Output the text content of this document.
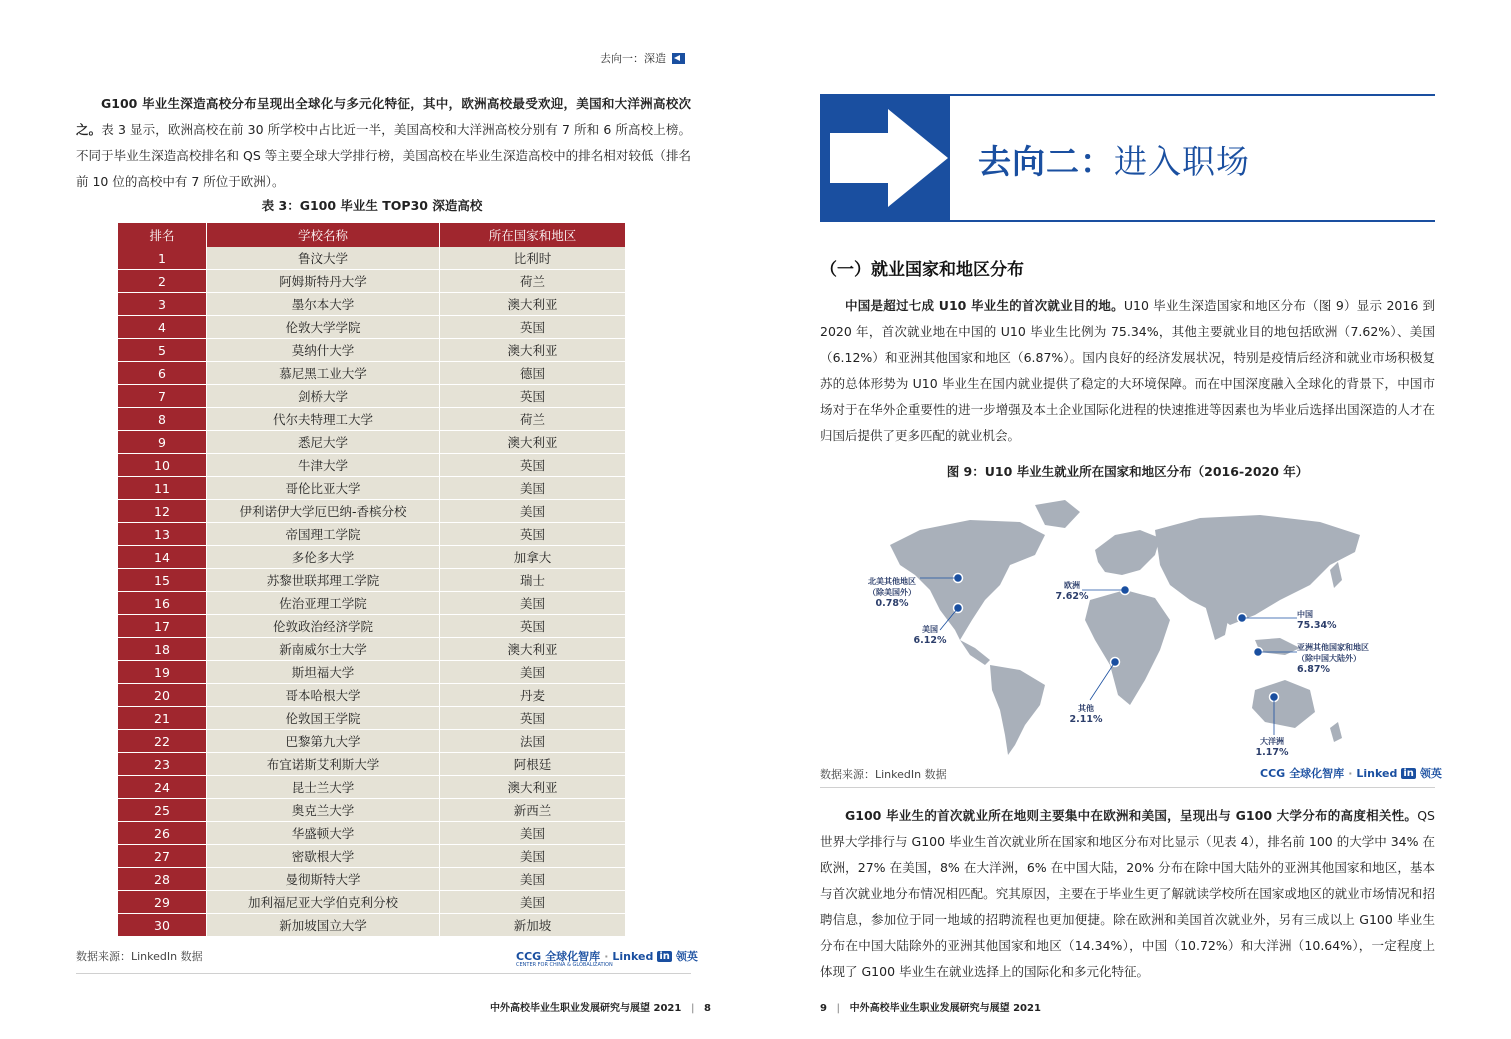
去向一：深造
G100 毕业生深造高校分布呈现出全球化与多元化特征，其中，欧洲高校最受欢迎，美国和大洋洲高校次之。表 3 显示，欧洲高校在前 30 所学校中占比近一半，美国高校和大洋洲高校分别有 7 所和 6 所高校上榜。不同于毕业生深造高校排名和 QS 等主要全球大学排行榜，美国高校在毕业生深造高校中的排名相对较低（排名前 10 位的高校中有 7 所位于欧洲）。
表 3：G100 毕业生 TOP30 深造高校
排名	学校名称	所在国家和地区
1	鲁汶大学	比利时
2	阿姆斯特丹大学	荷兰
3	墨尔本大学	澳大利亚
4	伦敦大学学院	英国
5	莫纳什大学	澳大利亚
6	慕尼黑工业大学	德国
7	剑桥大学	英国
8	代尔夫特理工大学	荷兰
9	悉尼大学	澳大利亚
10	牛津大学	英国
11	哥伦比亚大学	美国
12	伊利诺伊大学厄巴纳-香槟分校	美国
13	帝国理工学院	英国
14	多伦多大学	加拿大
15	苏黎世联邦理工学院	瑞士
16	佐治亚理工学院	美国
17	伦敦政治经济学院	英国
18	新南威尔士大学	澳大利亚
19	斯坦福大学	美国
20	哥本哈根大学	丹麦
21	伦敦国王学院	英国
22	巴黎第九大学	法国
23	布宜诺斯艾利斯大学	阿根廷
24	昆士兰大学	澳大利亚
25	奥克兰大学	新西兰
26	华盛顿大学	美国
27	密歇根大学	美国
28	曼彻斯特大学	美国
29	加利福尼亚大学伯克利分校	美国
30	新加坡国立大学	新加坡
数据来源：LinkedIn 数据	CCG 全球化智库 · Linked in 领英
CENTER FOR CHINA & GLOBALIZATION
中外高校毕业生职业发展研究与展望 2021 | 8
去向二：进入职场
（一）就业国家和地区分布
中国是超过七成 U10 毕业生的首次就业目的地。U10 毕业生深造国家和地区分布（图 9）显示 2016 到 2020 年，首次就业地在中国的 U10 毕业生比例为 75.34%，其他主要就业目的地包括欧洲（7.62%）、美国（6.12%）和亚洲其他国家和地区（6.87%）。国内良好的经济发展状况，特别是疫情后经济和就业市场积极复苏的总体形势为 U10 毕业生在国内就业提供了稳定的大环境保障。而在中国深度融入全球化的背景下，中国市场对于在华外企重要性的进一步增强及本土企业国际化进程的快速推进等因素也为毕业后选择出国深造的人才在归国后提供了更多匹配的就业机会。
图 9：U10 毕业生就业所在国家和地区分布（2016-2020 年）
北美其他地区
（除美国外）
0.78%
美国
6.12%
欧洲
7.62%
中国
75.34%
亚洲其他国家和地区
（除中国大陆外）
6.87%
其他
2.11%
大洋洲
1.17%
数据来源：LinkedIn 数据	CCG 全球化智库 · Linked in 领英
G100 毕业生的首次就业所在地则主要集中在欧洲和美国，呈现出与 G100 大学分布的高度相关性。QS 世界大学排行与 G100 毕业生首次就业所在国家和地区分布对比显示（见表 4），排名前 100 的大学中 34% 在欧洲，27% 在美国，8% 在大洋洲，6% 在中国大陆，20% 分布在除中国大陆外的亚洲其他国家和地区，基本与首次就业地分布情况相匹配。究其原因，主要在于毕业生更了解就读学校所在国家或地区的就业市场情况和招聘信息，参加位于同一地域的招聘流程也更加便捷。除在欧洲和美国首次就业外，另有三成以上 G100 毕业生分布在中国大陆除外的亚洲其他国家和地区（14.34%），中国（10.72%）和大洋洲（10.64%），一定程度上体现了 G100 毕业生在就业选择上的国际化和多元化特征。
9 | 中外高校毕业生职业发展研究与展望 2021
